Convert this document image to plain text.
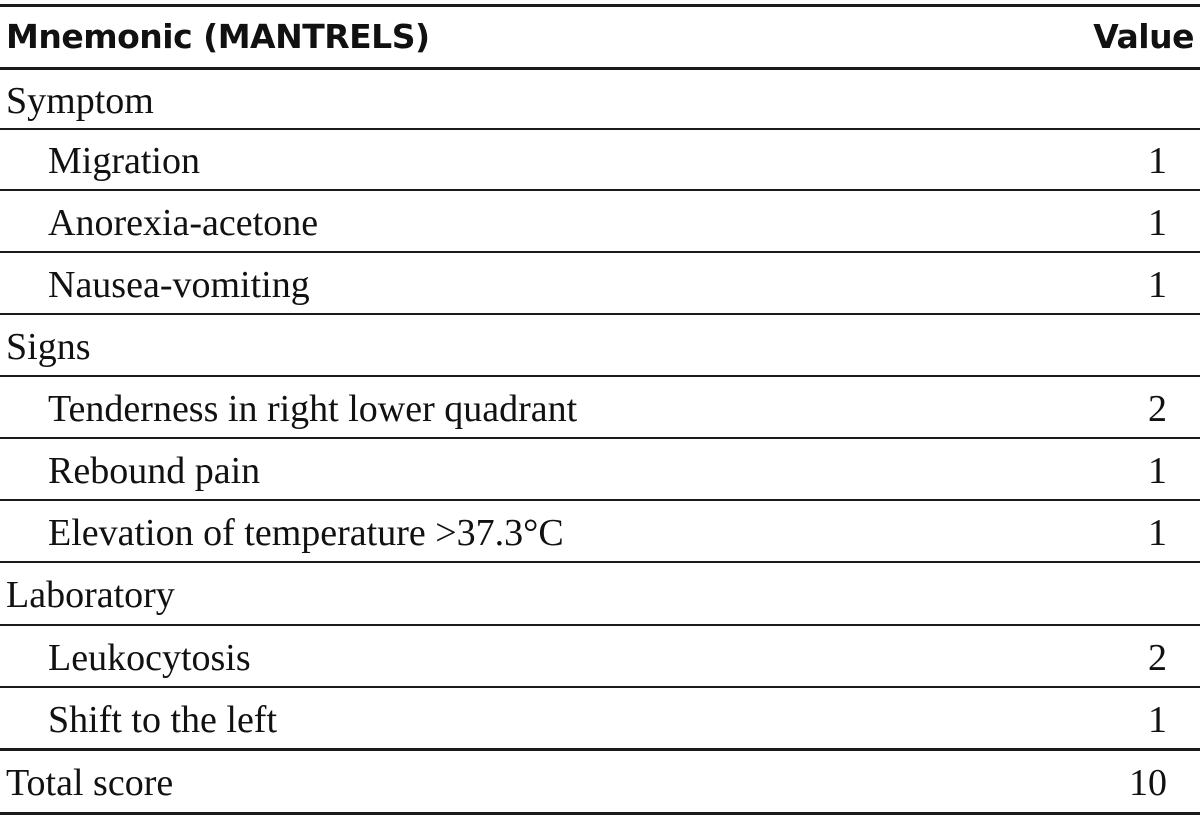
Mnemonic (MANTRELS)	Value
Symptom
Migration	1
Anorexia-acetone	1
Nausea-vomiting	1
Signs
Tenderness in right lower quadrant	2
Rebound pain	1
Elevation of temperature >37.3°C	1
Laboratory
Leukocytosis	2
Shift to the left	1
Total score	10
